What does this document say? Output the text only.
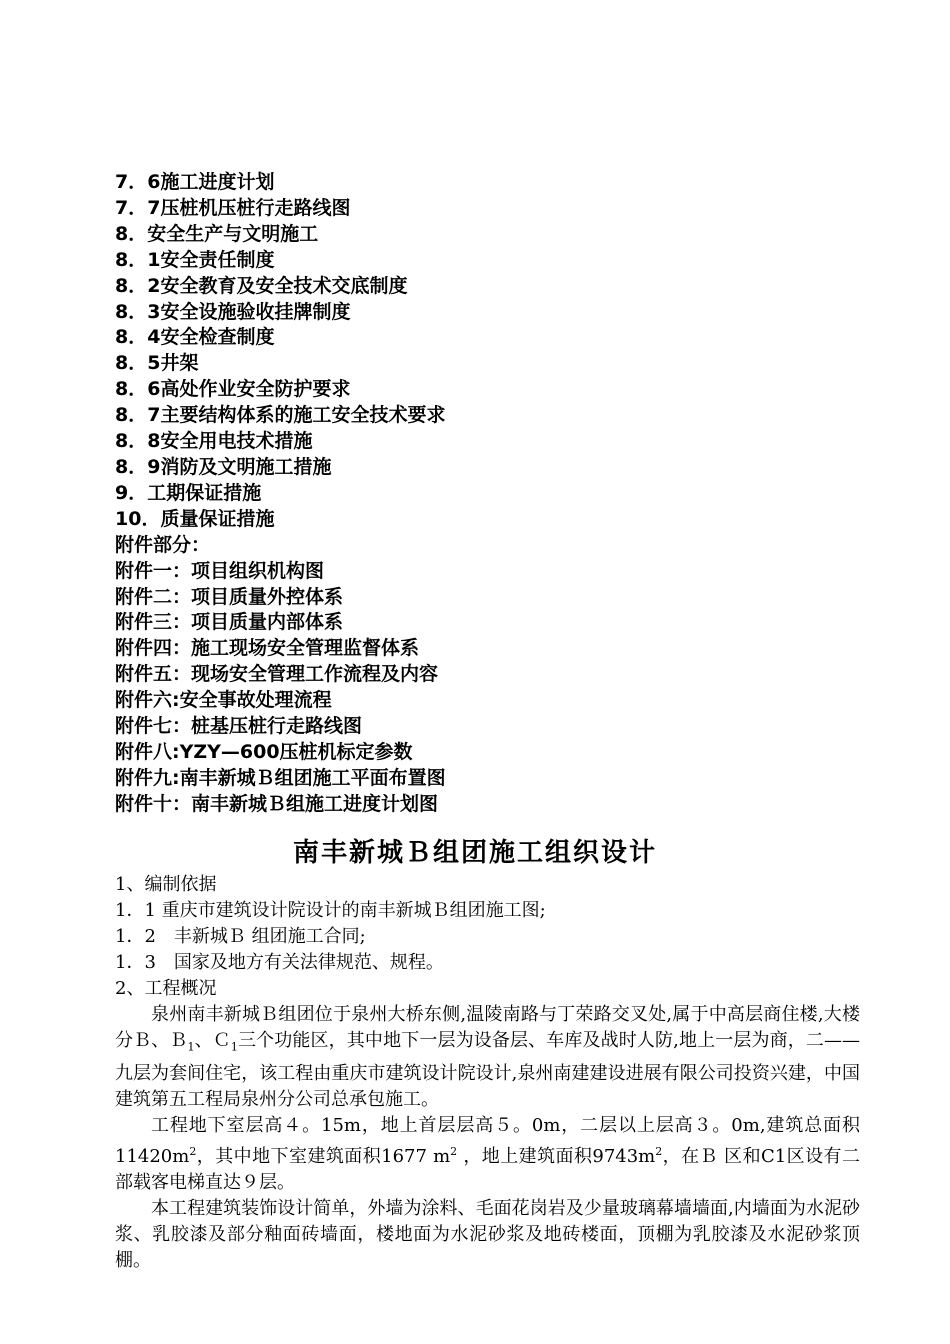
7．6施工进度计划
7．7压桩机压桩行走路线图
8．安全生产与文明施工
8．1安全责任制度
8．2安全教育及安全技术交底制度
8．3安全设施验收挂牌制度
8．4安全检查制度
8．5井架
8．6高处作业安全防护要求
8．7主要结构体系的施工安全技术要求
8．8安全用电技术措施
8．9消防及文明施工措施
9．工期保证措施
10．质量保证措施
附件部分：
附件一：项目组织机构图
附件二：项目质量外控体系
附件三：项目质量内部体系
附件四：施工现场安全管理监督体系
附件五：现场安全管理工作流程及内容
附件六:安全事故处理流程
附件七：桩基压桩行走路线图
附件八:YZY—600压桩机标定参数
附件九:南丰新城Ｂ组团施工平面布置图
附件十：南丰新城Ｂ组施工进度计划图
南丰新城Ｂ组团施工组织设计
1、编制依据
1．1 重庆市建筑设计院设计的南丰新城Ｂ组团施工图;
1．2　丰新城Ｂ 组团施工合同;
1．3　国家及地方有关法律规范、规程。
2、工程概况

泉州南丰新城Ｂ组团位于泉州大桥东侧,温陵南路与丁荣路交叉处,属于中高层商住楼,大楼分Ｂ、Ｂ$_1$、Ｃ$_1$三个功能区，其中地下一层为设备层、车库及战时人防,地上一层为商，二——九层为套间住宅，该工程由重庆市建筑设计院设计,泉州南建建设进展有限公司投资兴建，中国建筑第五工程局泉州分公司总承包施工。

工程地下室层高４。15m，地上首层层高５。0m，二层以上层高３。0m,建筑总面积$11420m^2$，其中地下室建筑面积1677 $m^2$ ，地上建筑面积$9743m^2$，在Ｂ 区和C1区设有二部载客电梯直达９层。

本工程建筑装饰设计简单，外墙为涂料、毛面花岗岩及少量玻璃幕墙墙面,内墙面为水泥砂浆、乳胶漆及部分釉面砖墙面，楼地面为水泥砂浆及地砖楼面，顶棚为乳胶漆及水泥砂浆顶棚。
